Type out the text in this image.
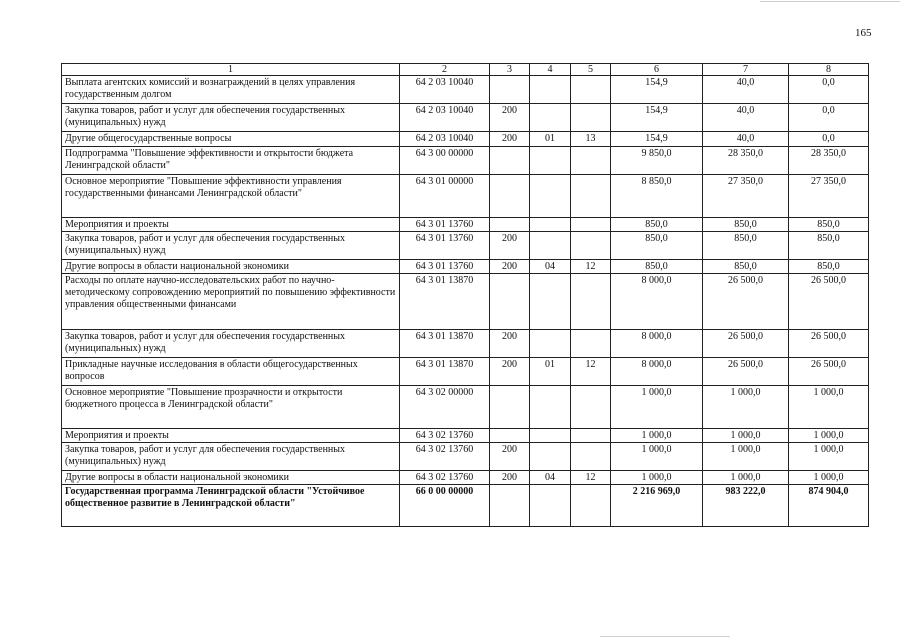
165
1	2	3	4	5	6	7	8
Выплата агентских комиссий и вознаграждений в целях управления государственным долгом	64 2 03 10040				154,9	40,0	0,0
Закупка товаров, работ и услуг для обеспечения государственных (муниципальных) нужд	64 2 03 10040	200			154,9	40,0	0,0
Другие общегосударственные вопросы	64 2 03 10040	200	01	13	154,9	40,0	0,0
Подпрограмма "Повышение эффективности и открытости бюджета Ленинградской области"	64 3 00 00000				9 850,0	28 350,0	28 350,0
Основное мероприятие "Повышение эффективности управления государственными финансами Ленинградской области"	64 3 01 00000				8 850,0	27 350,0	27 350,0
Мероприятия и проекты	64 3 01 13760				850,0	850,0	850,0
Закупка товаров, работ и услуг для обеспечения государственных (муниципальных) нужд	64 3 01 13760	200			850,0	850,0	850,0
Другие вопросы в области национальной экономики	64 3 01 13760	200	04	12	850,0	850,0	850,0
Расходы по оплате научно-исследовательских работ по научно-методическому сопровождению мероприятий по повышению эффективности управления общественными финансами	64 3 01 13870				8 000,0	26 500,0	26 500,0
Закупка товаров, работ и услуг для обеспечения государственных (муниципальных) нужд	64 3 01 13870	200			8 000,0	26 500,0	26 500,0
Прикладные научные исследования в области общегосударственных вопросов	64 3 01 13870	200	01	12	8 000,0	26 500,0	26 500,0
Основное мероприятие "Повышение прозрачности и открытости бюджетного процесса в Ленинградской области"	64 3 02 00000				1 000,0	1 000,0	1 000,0
Мероприятия и проекты	64 3 02 13760				1 000,0	1 000,0	1 000,0
Закупка товаров, работ и услуг для обеспечения государственных (муниципальных) нужд	64 3 02 13760	200			1 000,0	1 000,0	1 000,0
Другие вопросы в области национальной экономики	64 3 02 13760	200	04	12	1 000,0	1 000,0	1 000,0
Государственная программа Ленинградской области "Устойчивое общественное развитие в Ленинградской области"	66 0 00 00000				2 216 969,0	983 222,0	874 904,0
